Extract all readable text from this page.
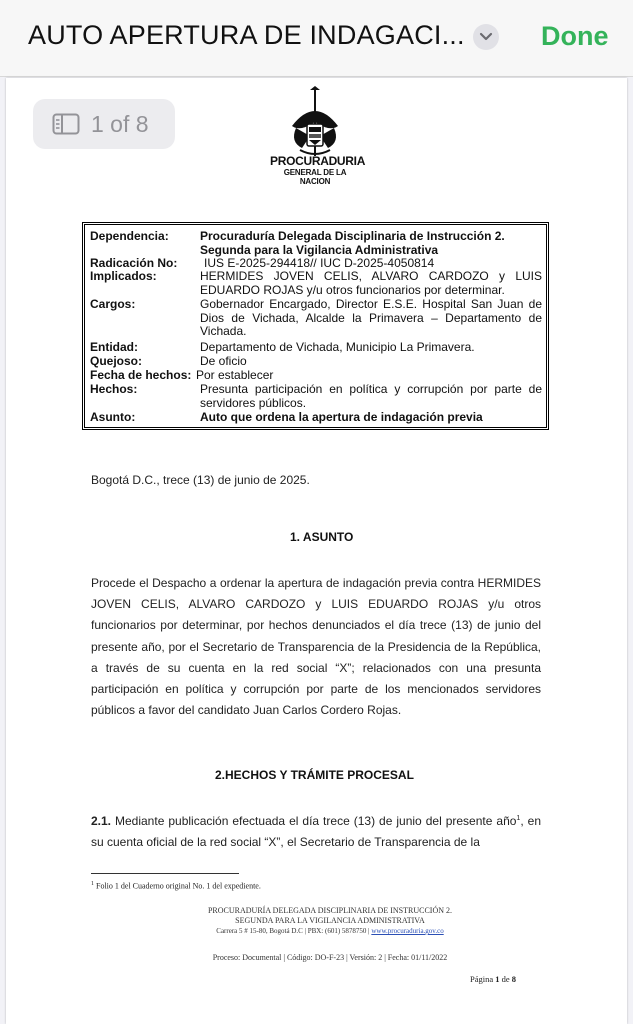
AUTO APERTURA DE INDAGACI...	Done
PROCURADURIA
GENERAL DE LA NACION
1 of 8
Dependencia:	Procuraduría Delegada Disciplinaria de Instrucción 2.
Segunda para la Vigilancia Administrativa
Radicación No: IUS E-2025-294418// IUC D-2025-4050814
Implicados:	HERMIDES JOVEN CELIS, ALVARO CARDOZO y LUIS
EDUARDO ROJAS y/u otros funcionarios por determinar.
Cargos:	Gobernador Encargado, Director E.S.E. Hospital San Juan de
Dios de Vichada, Alcalde la Primavera – Departamento de
Vichada.
Entidad:	Departamento de Vichada, Municipio La Primavera.
Quejoso:	De oficio
Fecha de hechos: Por establecer
Hechos:	Presunta participación en política y corrupción por parte de
servidores públicos.
Asunto:	Auto que ordena la apertura de indagación previa
Bogotá D.C., trece (13) de junio de 2025.
1. ASUNTO
Procede el Despacho a ordenar la apertura de indagación previa contra HERMIDES JOVEN CELIS, ALVARO CARDOZO y LUIS EDUARDO ROJAS y/u otros funcionarios por determinar, por hechos denunciados el día trece (13) de junio del presente año, por el Secretario de Transparencia de la Presidencia de la República, a través de su cuenta en la red social “X”; relacionados con una presunta participación en política y corrupción por parte de los mencionados servidores públicos a favor del candidato Juan Carlos Cordero Rojas.
2.HECHOS Y TRÁMITE PROCESAL
2.1. Mediante publicación efectuada el día trece (13) de junio del presente año$^1$, en su cuenta oficial de la red social “X”, el Secretario de Transparencia de la
$^1$ Folio 1 del Cuaderno original No. 1 del expediente.
PROCURADURÍA DELEGADA DISCIPLINARIA DE INSTRUCCIÓN 2.
SEGUNDA PARA LA VIGILANCIA ADMINISTRATIVA
Carrera 5 # 15-80, Bogotá D.C | PBX: (601) 5878750 | www.procuraduria.gov.co
Proceso: Documental | Código: DO-F-23 | Versión: 2 | Fecha: 01/11/2022
Página 1 de 8
